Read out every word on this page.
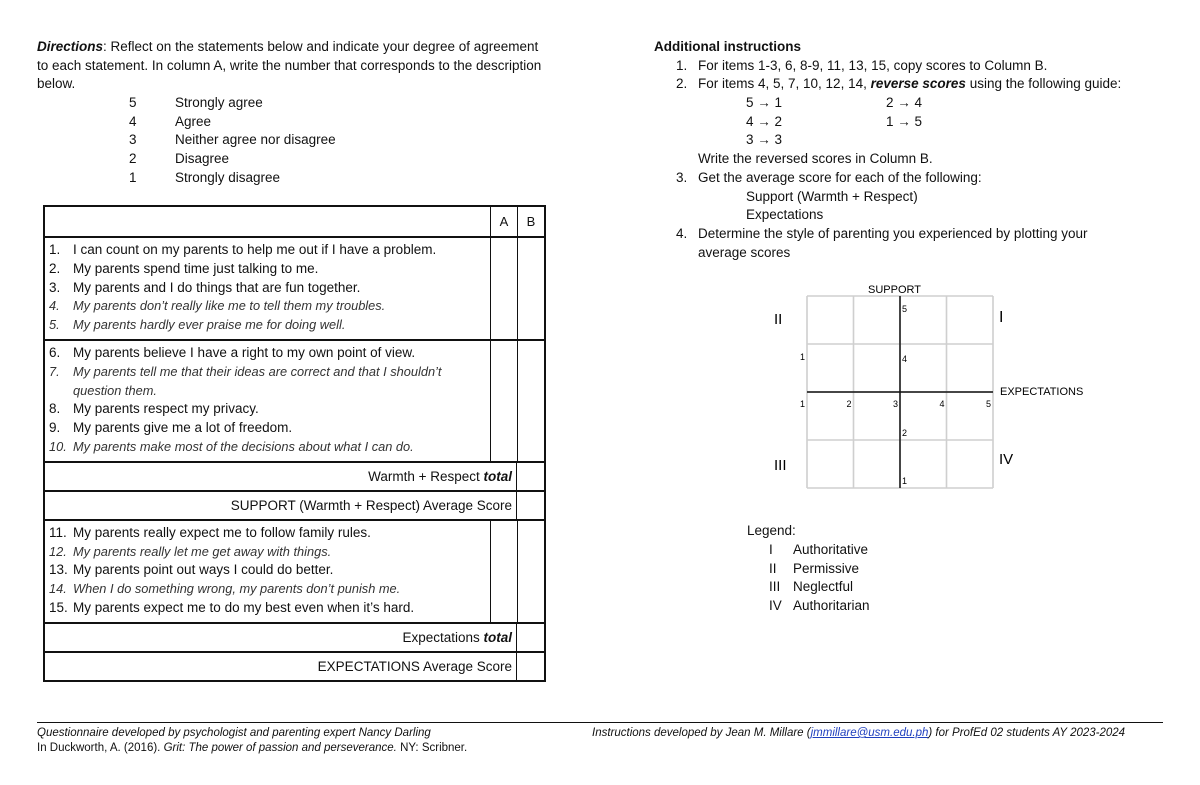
Directions: Reflect on the statements below and indicate your degree of agreement to each statement. In column A, write the number that corresponds to the description below.
5	Strongly agree
4	Agree
3	Neither agree nor disagree
2	Disagree
1	Strongly disagree
A	B
1. I can count on my parents to help me out if I have a problem.
2. My parents spend time just talking to me.
3. My parents and I do things that are fun together.
4.	My parents don’t really like me to tell them my troubles.
5.	My parents hardly ever praise me for doing well.
6. My parents believe I have a right to my own point of view.
7.	My parents tell me that their ideas are correct and that I shouldn’t question them.
8. My parents respect my privacy.
9. My parents give me a lot of freedom.
10. My parents make most of the decisions about what I can do.
Warmth + Respect total
SUPPORT (Warmth + Respect) Average Score
11. My parents really expect me to follow family rules.
12. My parents really let me get away with things.
13. My parents point out ways I could do better.
14. When I do something wrong, my parents don’t punish me.
15. My parents expect me to do my best even when it’s hard.
Expectations total
EXPECTATIONS Average Score
Additional instructions
1. For items 1-3, 6, 8-9, 11, 13, 15, copy scores to Column B.
2. For items 4, 5, 7, 10, 12, 14, reverse scores using the following guide:
5 → 1	2 → 4
4 → 2	1 → 5
3 → 3
Write the reversed scores in Column B.
3. Get the average score for each of the following:
Support (Warmth + Respect)
Expectations
4. Determine the style of parenting you experienced by plotting your average scores
SUPPORT
EXPECTATIONS
II	I
III	IV
1
1	2	3	4	5
5
4
2
1
Legend:
I	Authoritative
II	Permissive
III Neglectful
IV Authoritarian
Questionnaire developed by psychologist and parenting expert Nancy Darling
In Duckworth, A. (2016). Grit: The power of passion and perseverance. NY: Scribner.
Instructions developed by Jean M. Millare (jmmillare@usm.edu.ph) for ProfEd 02 students AY 2023-2024
